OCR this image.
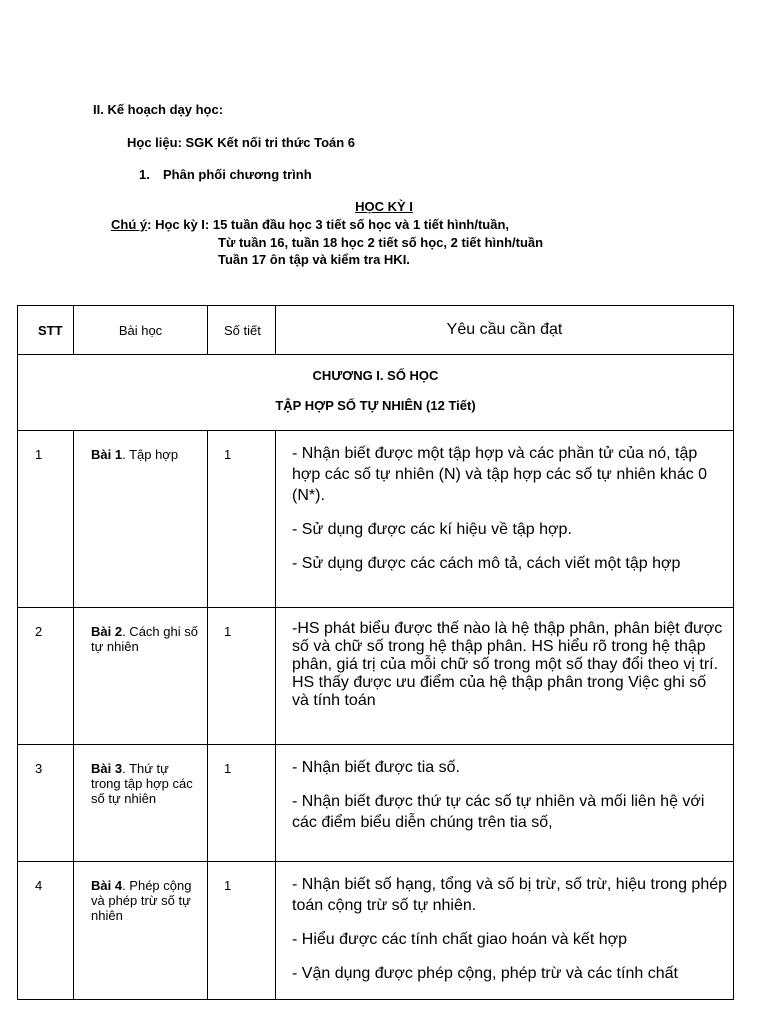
II. Kế hoạch dạy học:
Học liệu: SGK Kết nối tri thức Toán 6
1. Phân phối chương trình
HỌC KỲ I
Chú ý: Học kỳ I: 15 tuần đầu học 3 tiết số học và 1 tiết hình/tuần,
Từ tuần 16, tuần 18 học 2 tiết số học, 2 tiết hình/tuần
Tuần 17 ôn tập và kiểm tra HKI.
STT	Bài học	Số tiết	Yêu cầu cần đạt

CHƯƠNG I. SỐ HỌC
TẬP HỢP SỐ TỰ NHIÊN (12 Tiết)			

1	Bài 1. Tập hợp	1	- Nhận biết được một tập hợp và các phần tử của nó, tập hợp các số tự nhiên (N) và tập hợp các số tự nhiên khác 0 (N*).

- Sử dụng được các kí hiệu về tập hợp.

- Sử dụng được các cách mô tả, cách viết một tập hợp

2	Bài 2. Cách ghi số tự nhiên	1	-HS phát biểu được thế nào là hệ thập phân, phân biệt được số và chữ số trong hệ thập phân. HS hiểu rõ trong hệ thập phân, giá trị của mỗi chữ số trong một số thay đổi theo vị trí. HS thấy được ưu điểm của hệ thập phân trong Việc ghi số và tính toán

3	Bài 3. Thứ tự trong tập hợp các số tự nhiên	1	- Nhận biết được tia số.

- Nhận biết được thứ tự các số tự nhiên và mối liên hệ với các điểm biểu diễn chúng trên tia số,

4	Bài 4. Phép cộng và phép trừ số tự nhiên	1	- Nhận biết số hạng, tổng và số bị trừ, số trừ, hiệu trong phép toán cộng trừ số tự nhiên.

- Hiểu được các tính chất giao hoán và kết hợp

- Vận dụng được phép cộng, phép trừ và các tính chất
